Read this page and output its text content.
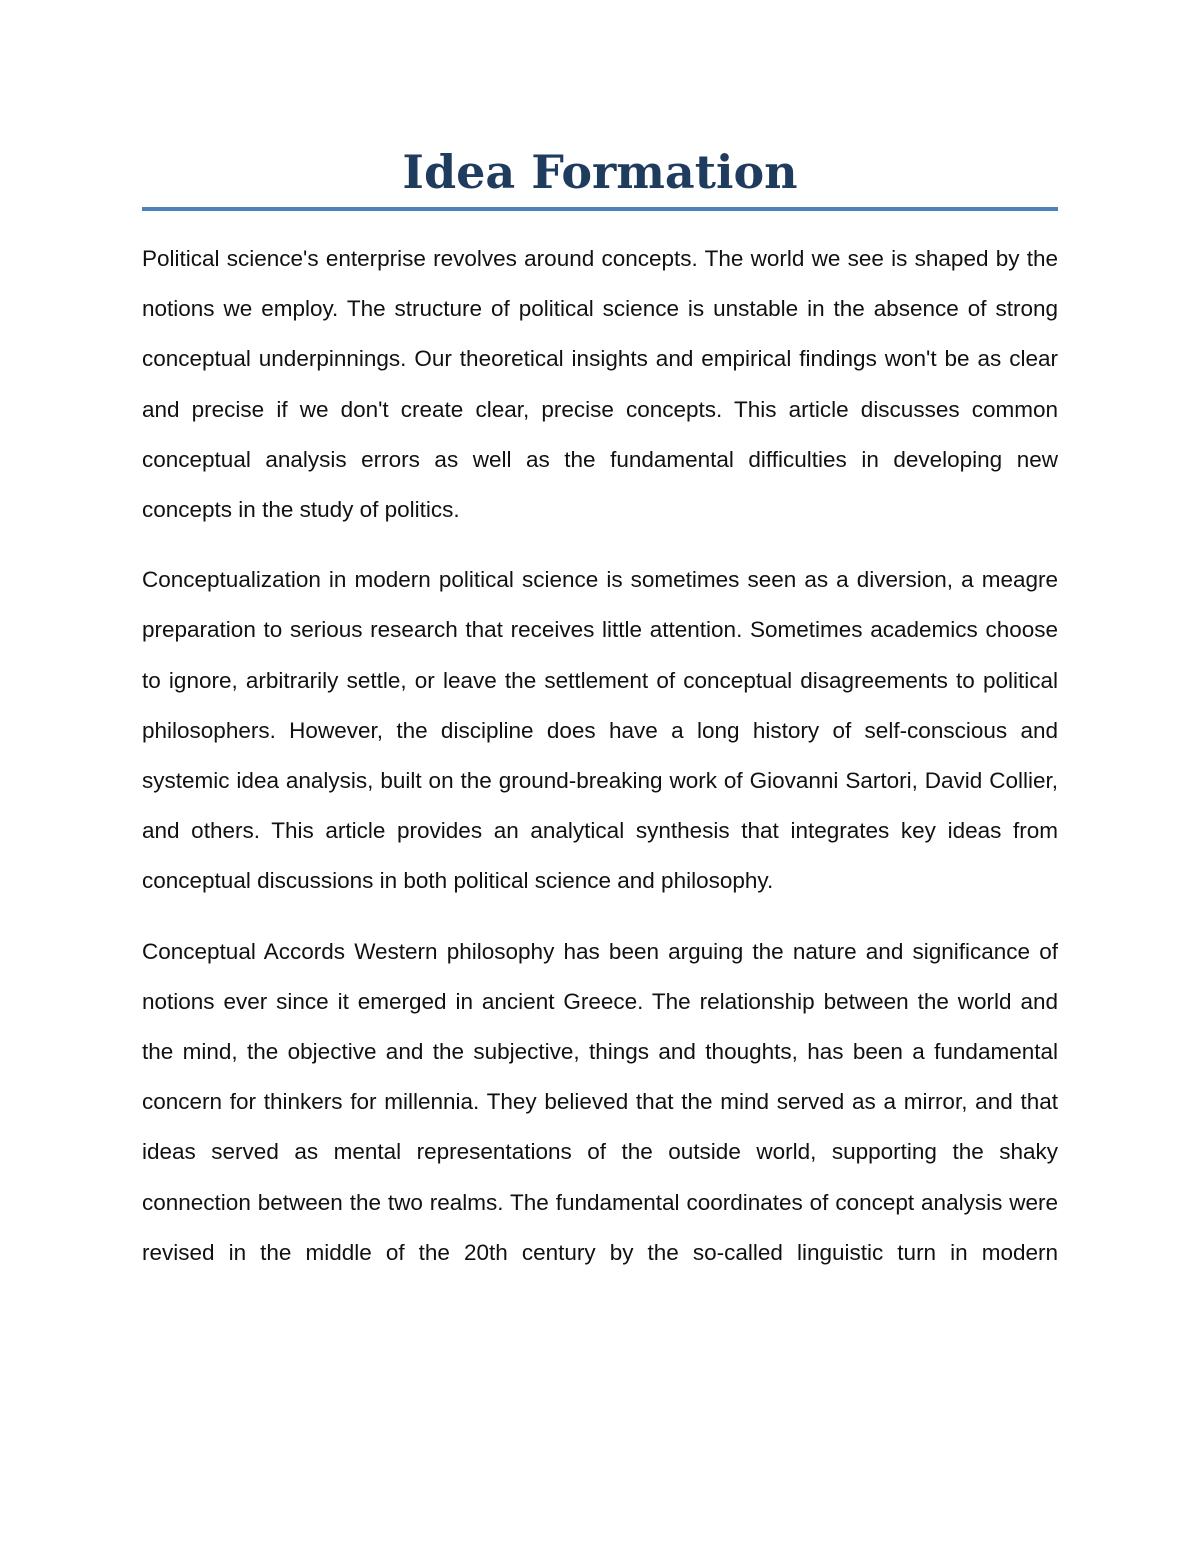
Idea Formation

Political science's enterprise revolves around concepts. The world we see is shaped by the notions we employ. The structure of political science is unstable in the absence of strong conceptual underpinnings. Our theoretical insights and empirical findings won't be as clear and precise if we don't create clear, precise concepts. This article discusses common conceptual analysis errors as well as the fundamental difficulties in developing new concepts in the study of politics.

Conceptualization in modern political science is sometimes seen as a diversion, a meagre preparation to serious research that receives little attention. Sometimes academics choose to ignore, arbitrarily settle, or leave the settlement of conceptual disagreements to political philosophers. However, the discipline does have a long history of self-conscious and systemic idea analysis, built on the ground-breaking work of Giovanni Sartori, David Collier, and others. This article provides an analytical synthesis that integrates key ideas from conceptual discussions in both political science and philosophy.

Conceptual Accords Western philosophy has been arguing the nature and significance of notions ever since it emerged in ancient Greece. The relationship between the world and the mind, the objective and the subjective, things and thoughts, has been a fundamental concern for thinkers for millennia. They believed that the mind served as a mirror, and that ideas served as mental representations of the outside world, supporting the shaky connection between the two realms. The fundamental coordinates of concept analysis were revised in the middle of the 20th century by the so-called linguistic turn in modern
